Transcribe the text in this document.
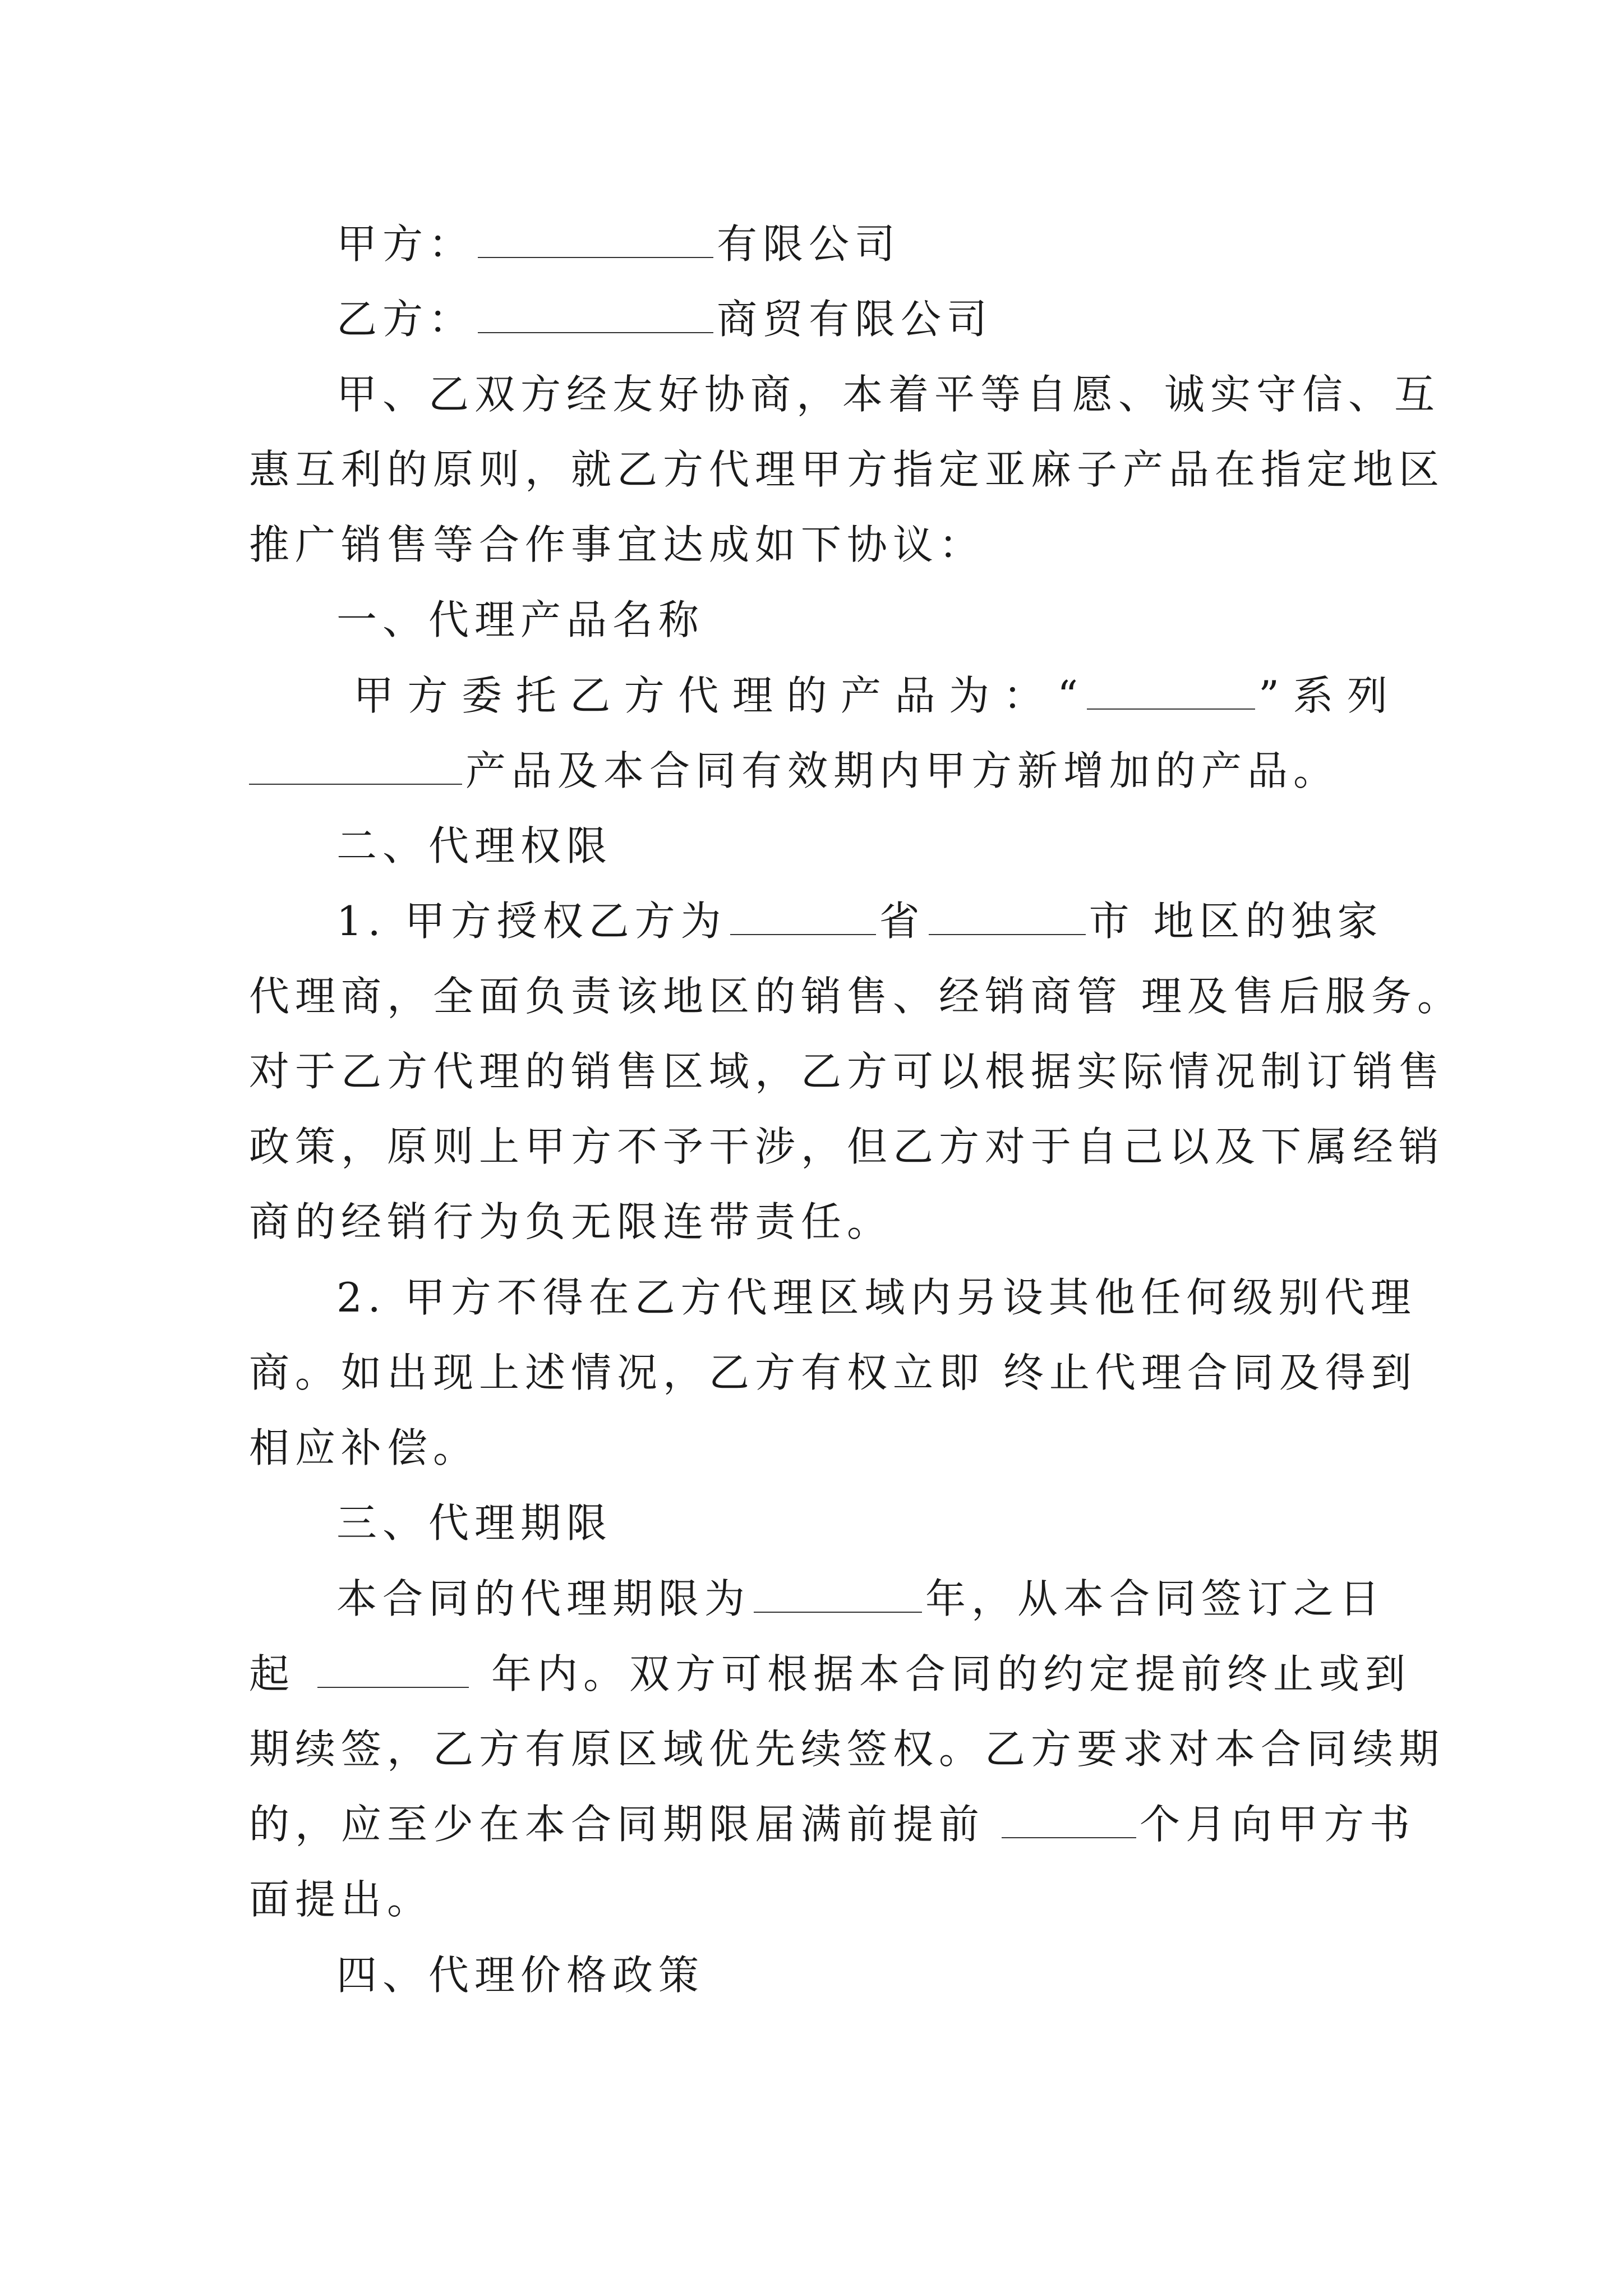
甲方：	有限公司
乙方：	商贸有限公司
甲、乙双方经友好协商，本着平等自愿、诚实守信、互
惠互利的原则，就乙方代理甲方指定亚麻子产品在指定地区
推广销售等合作事宜达成如下协议：
一、代理产品名称
甲方委托乙方代理的产品为：“	”系列
产品及本合同有效期内甲方新增加的产品。
二、代理权限
1. 甲方授权乙方为	省	市 地区的独家
代理商，全面负责该地区的销售、经销商管 理及售后服务。
对于乙方代理的销售区域，乙方可以根据实际情况制订销售
政策，原则上甲方不予干涉，但乙方对于自己以及下属经销
商的经销行为负无限连带责任。
2. 甲方不得在乙方代理区域内另设其他任何级别代理
商。如出现上述情况，乙方有权立即 终止代理合同及得到
相应补偿。
三、代理期限
本合同的代理期限为	年，从本合同签订之日
起	年内。双方可根据本合同的约定提前终止或到
期续签，乙方有原区域优先续签权。乙方要求对本合同续期
的，应至少在本合同期限届满前提前	个月向甲方书
面提出。
四、代理价格政策
